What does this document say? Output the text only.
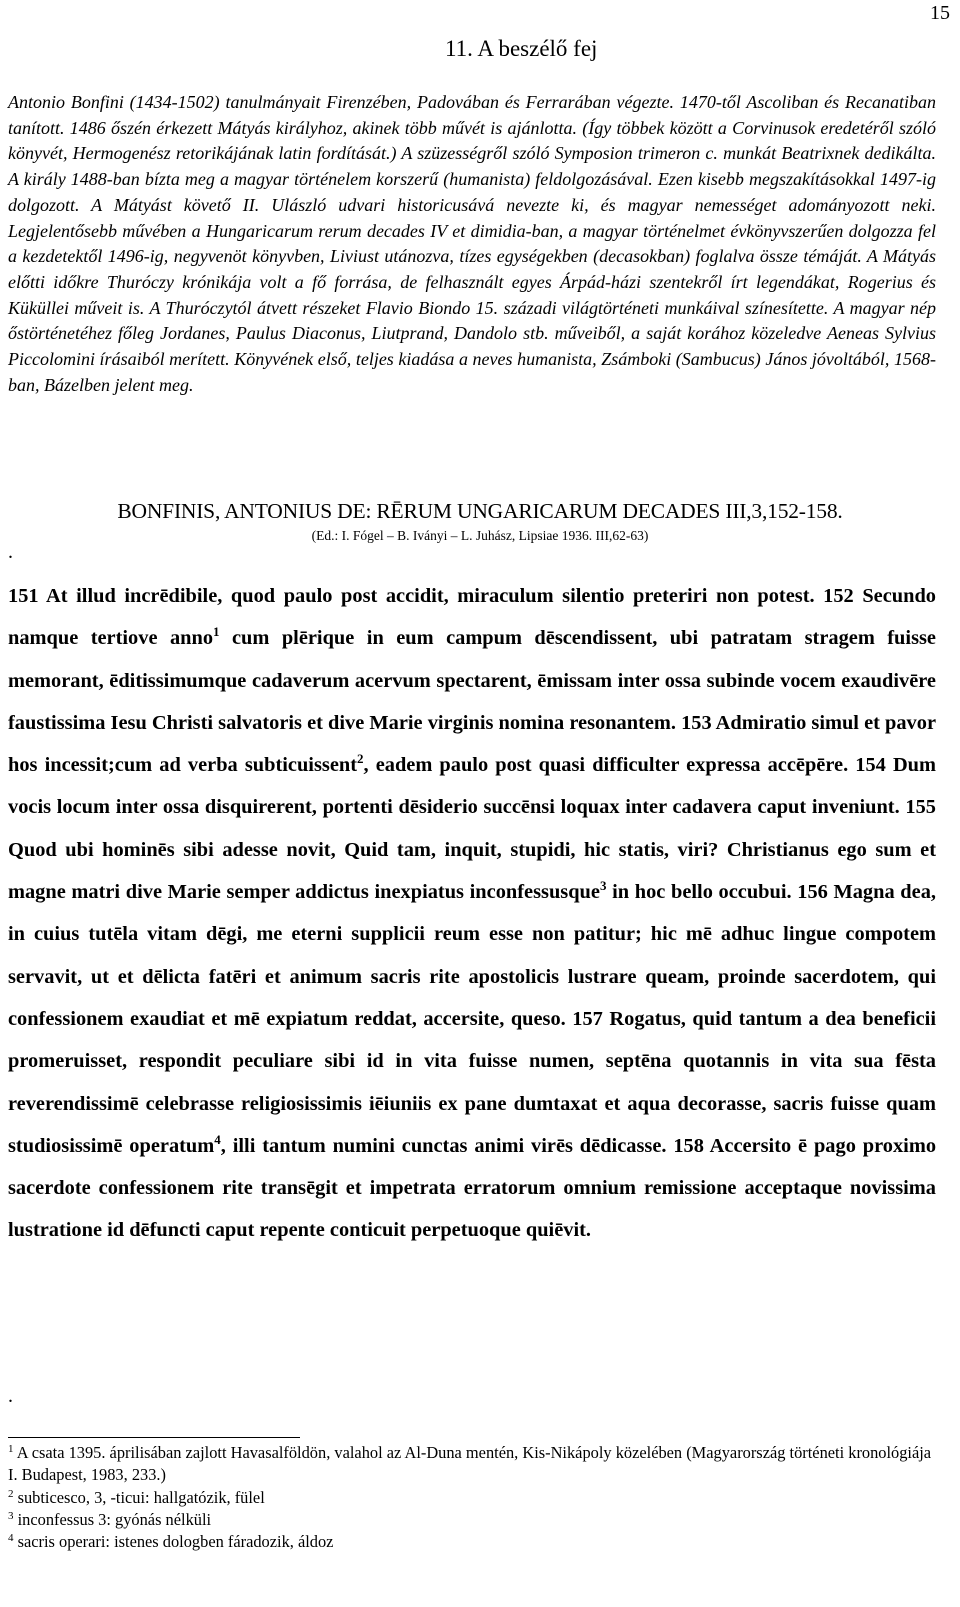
15
11. A beszélő fej

Antonio Bonfini (1434-1502) tanulmányait Firenzében, Padovában és Ferrarában végezte. 1470-től Ascoliban és Recanatiban tanított. 1486 őszén érkezett Mátyás királyhoz, akinek több művét is ajánlotta. (Így többek között a Corvinusok eredetéről szóló könyvét, Hermogenész retorikájának latin fordítását.) A szüzességről szóló Symposion trimeron c. munkát Beatrixnek dedikálta. A király 1488-ban bízta meg a magyar történelem korszerű (humanista) feldolgozásával. Ezen kisebb megszakításokkal 1497-ig dolgozott. A Mátyást követő II. Ulászló udvari historicusává nevezte ki, és magyar nemességet adományozott neki. Legjelentősebb művében a Hungaricarum rerum decades IV et dimidia-ban, a magyar történelmet évkönyvszerűen dolgozza fel a kezdetektől 1496-ig, negyvenöt könyvben, Liviust utánozva, tízes egységekben (decasokban) foglalva össze témáját. A Mátyás előtti időkre Thuróczy krónikája volt a fő forrása, de felhasznált egyes Árpád-házi szentekről írt legendákat, Rogerius és Küküllei műveit is. A Thuróczytól átvett részeket Flavio Biondo 15. századi világtörténeti munkáival színesítette. A magyar nép őstörténetéhez főleg Jordanes, Paulus Diaconus, Liutprand, Dandolo stb. műveiből, a saját korához közeledve Aeneas Sylvius Piccolomini írásaiból merített. Könyvének első, teljes kiadása a neves humanista, Zsámboki (Sambucus) János jóvoltából, 1568-ban, Bázelben jelent meg.

BONFINIS, ANTONIUS DE: RĒRUM UNGARICARUM DECADES III,3,152-158.
(Ed.: I. Fógel – B. Iványi – L. Juhász, Lipsiae 1936. III,62-63)
.

151 At illud incrēdibile, quod paulo post accidit, miraculum silentio preteriri non potest. 152 Secundo namque tertiove anno$^1$ cum plērique in eum campum dēscendissent, ubi patratam stragem fuisse memorant, ēditissimumque cadaverum acervum spectarent, ēmissam inter ossa subinde vocem exaudivēre faustissima Iesu Christi salvatoris et dive Marie virginis nomina resonantem. 153 Admiratio simul et pavor hos incessit;cum ad verba subticuissent$^2$, eadem paulo post quasi difficulter expressa accēpēre. 154 Dum vocis locum inter ossa disquirerent, portenti dēsiderio succēnsi loquax inter cadavera caput inveniunt. 155 Quod ubi hominēs sibi adesse novit, Quid tam, inquit, stupidi, hic statis, viri? Christianus ego sum et magne matri dive Marie semper addictus inexpiatus inconfessusque$^3$ in hoc bello occubui. 156 Magna dea, in cuius tutēla vitam dēgi, me eterni supplicii reum esse non patitur; hic mē adhuc lingue compotem servavit, ut et dēlicta fatēri et animum sacris rite apostolicis lustrare queam, proinde sacerdotem, qui confessionem exaudiat et mē expiatum reddat, accersite, queso. 157 Rogatus, quid tantum a dea beneficii promeruisset, respondit peculiare sibi id in vita fuisse numen, septēna quotannis in vita sua fēsta reverendissimē celebrasse religiosissimis iēiuniis ex pane dumtaxat et aqua decorasse, sacris fuisse quam studiosissimē operatum$^4$, illi tantum numini cunctas animi virēs dēdicasse. 158 Accersito ē pago proximo sacerdote confessionem rite transēgit et impetrata erratorum omnium remissione acceptaque novissima lustratione id dēfuncti caput repente conticuit perpetuoque quiēvit.

.
$^1$ A csata 1395. áprilisában zajlott Havasalföldön, valahol az Al-Duna mentén, Kis-Nikápoly közelében (Magyarország történeti kronológiája I. Budapest, 1983, 233.)
$^2$ subticesco, 3, -ticui: hallgatózik, fülel
$^3$ inconfessus 3: gyónás nélküli
$^4$ sacris operari: istenes dologben fáradozik, áldoz
